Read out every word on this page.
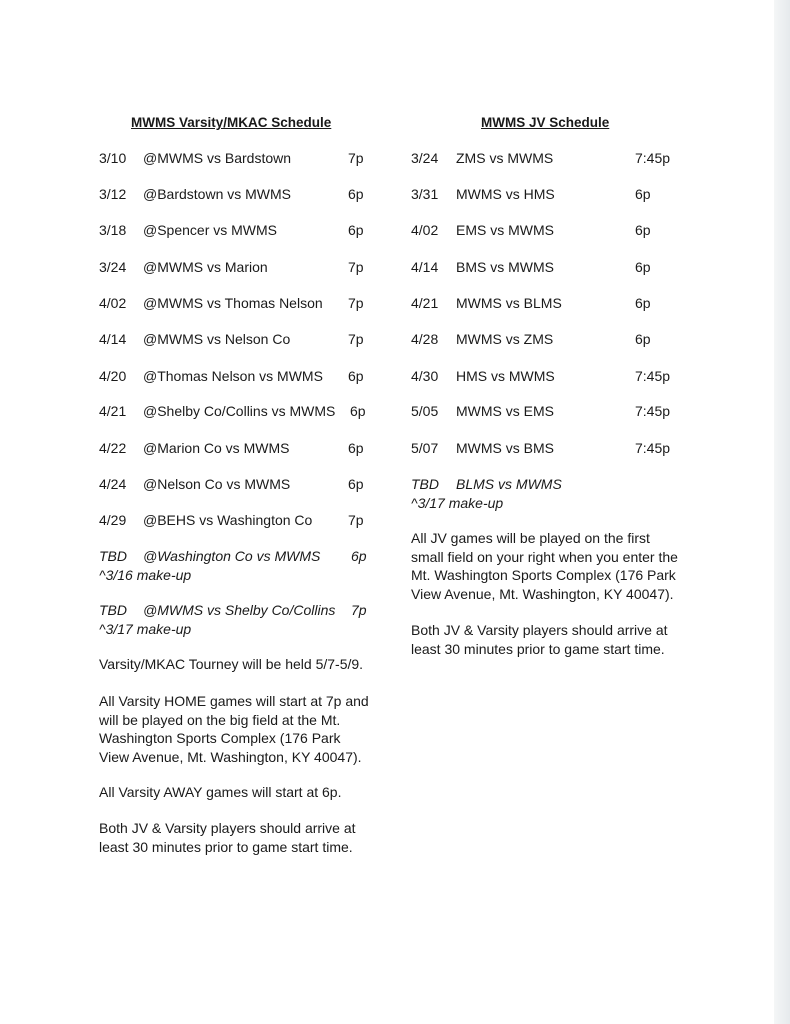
MWMS Varsity/MKAC Schedule
3/10 @MWMS vs Bardstown	7p
3/12 @Bardstown vs MWMS	6p
3/18 @Spencer vs MWMS	6p
3/24 @MWMS vs Marion	7p
4/02 @MWMS vs Thomas Nelson 7p
4/14 @MWMS vs Nelson Co	7p
4/20 @Thomas Nelson vs MWMS 6p
4/21 @Shelby Co/Collins vs MWMS 6p
4/22 @Marion Co vs MWMS	6p
4/24 @Nelson Co vs MWMS	6p
4/29 @BEHS vs Washington Co	7p
TBD @Washington Co vs MWMS 6p
^3/16 make-up
TBD @MWMS vs Shelby Co/Collins 7p
^3/17 make-up
Varsity/MKAC Tourney will be held 5/7-5/9.
All Varsity HOME games will start at 7p and will be played on the big field at the Mt. Washington Sports Complex (176 Park View Avenue, Mt. Washington, KY 40047).
All Varsity AWAY games will start at 6p.
Both JV & Varsity players should arrive at least 30 minutes prior to game start time.
MWMS JV Schedule
3/24 ZMS vs MWMS	7:45p
3/31 MWMS vs HMS	6p
4/02 EMS vs MWMS	6p
4/14 BMS vs MWMS	6p
4/21 MWMS vs BLMS	6p
4/28 MWMS vs ZMS	6p
4/30 HMS vs MWMS	7:45p
5/05 MWMS vs EMS	7:45p
5/07 MWMS vs BMS	7:45p
TBD BLMS vs MWMS
^3/17 make-up
All JV games will be played on the first small field on your right when you enter the Mt. Washington Sports Complex (176 Park View Avenue, Mt. Washington, KY 40047).
Both JV & Varsity players should arrive at least 30 minutes prior to game start time.
